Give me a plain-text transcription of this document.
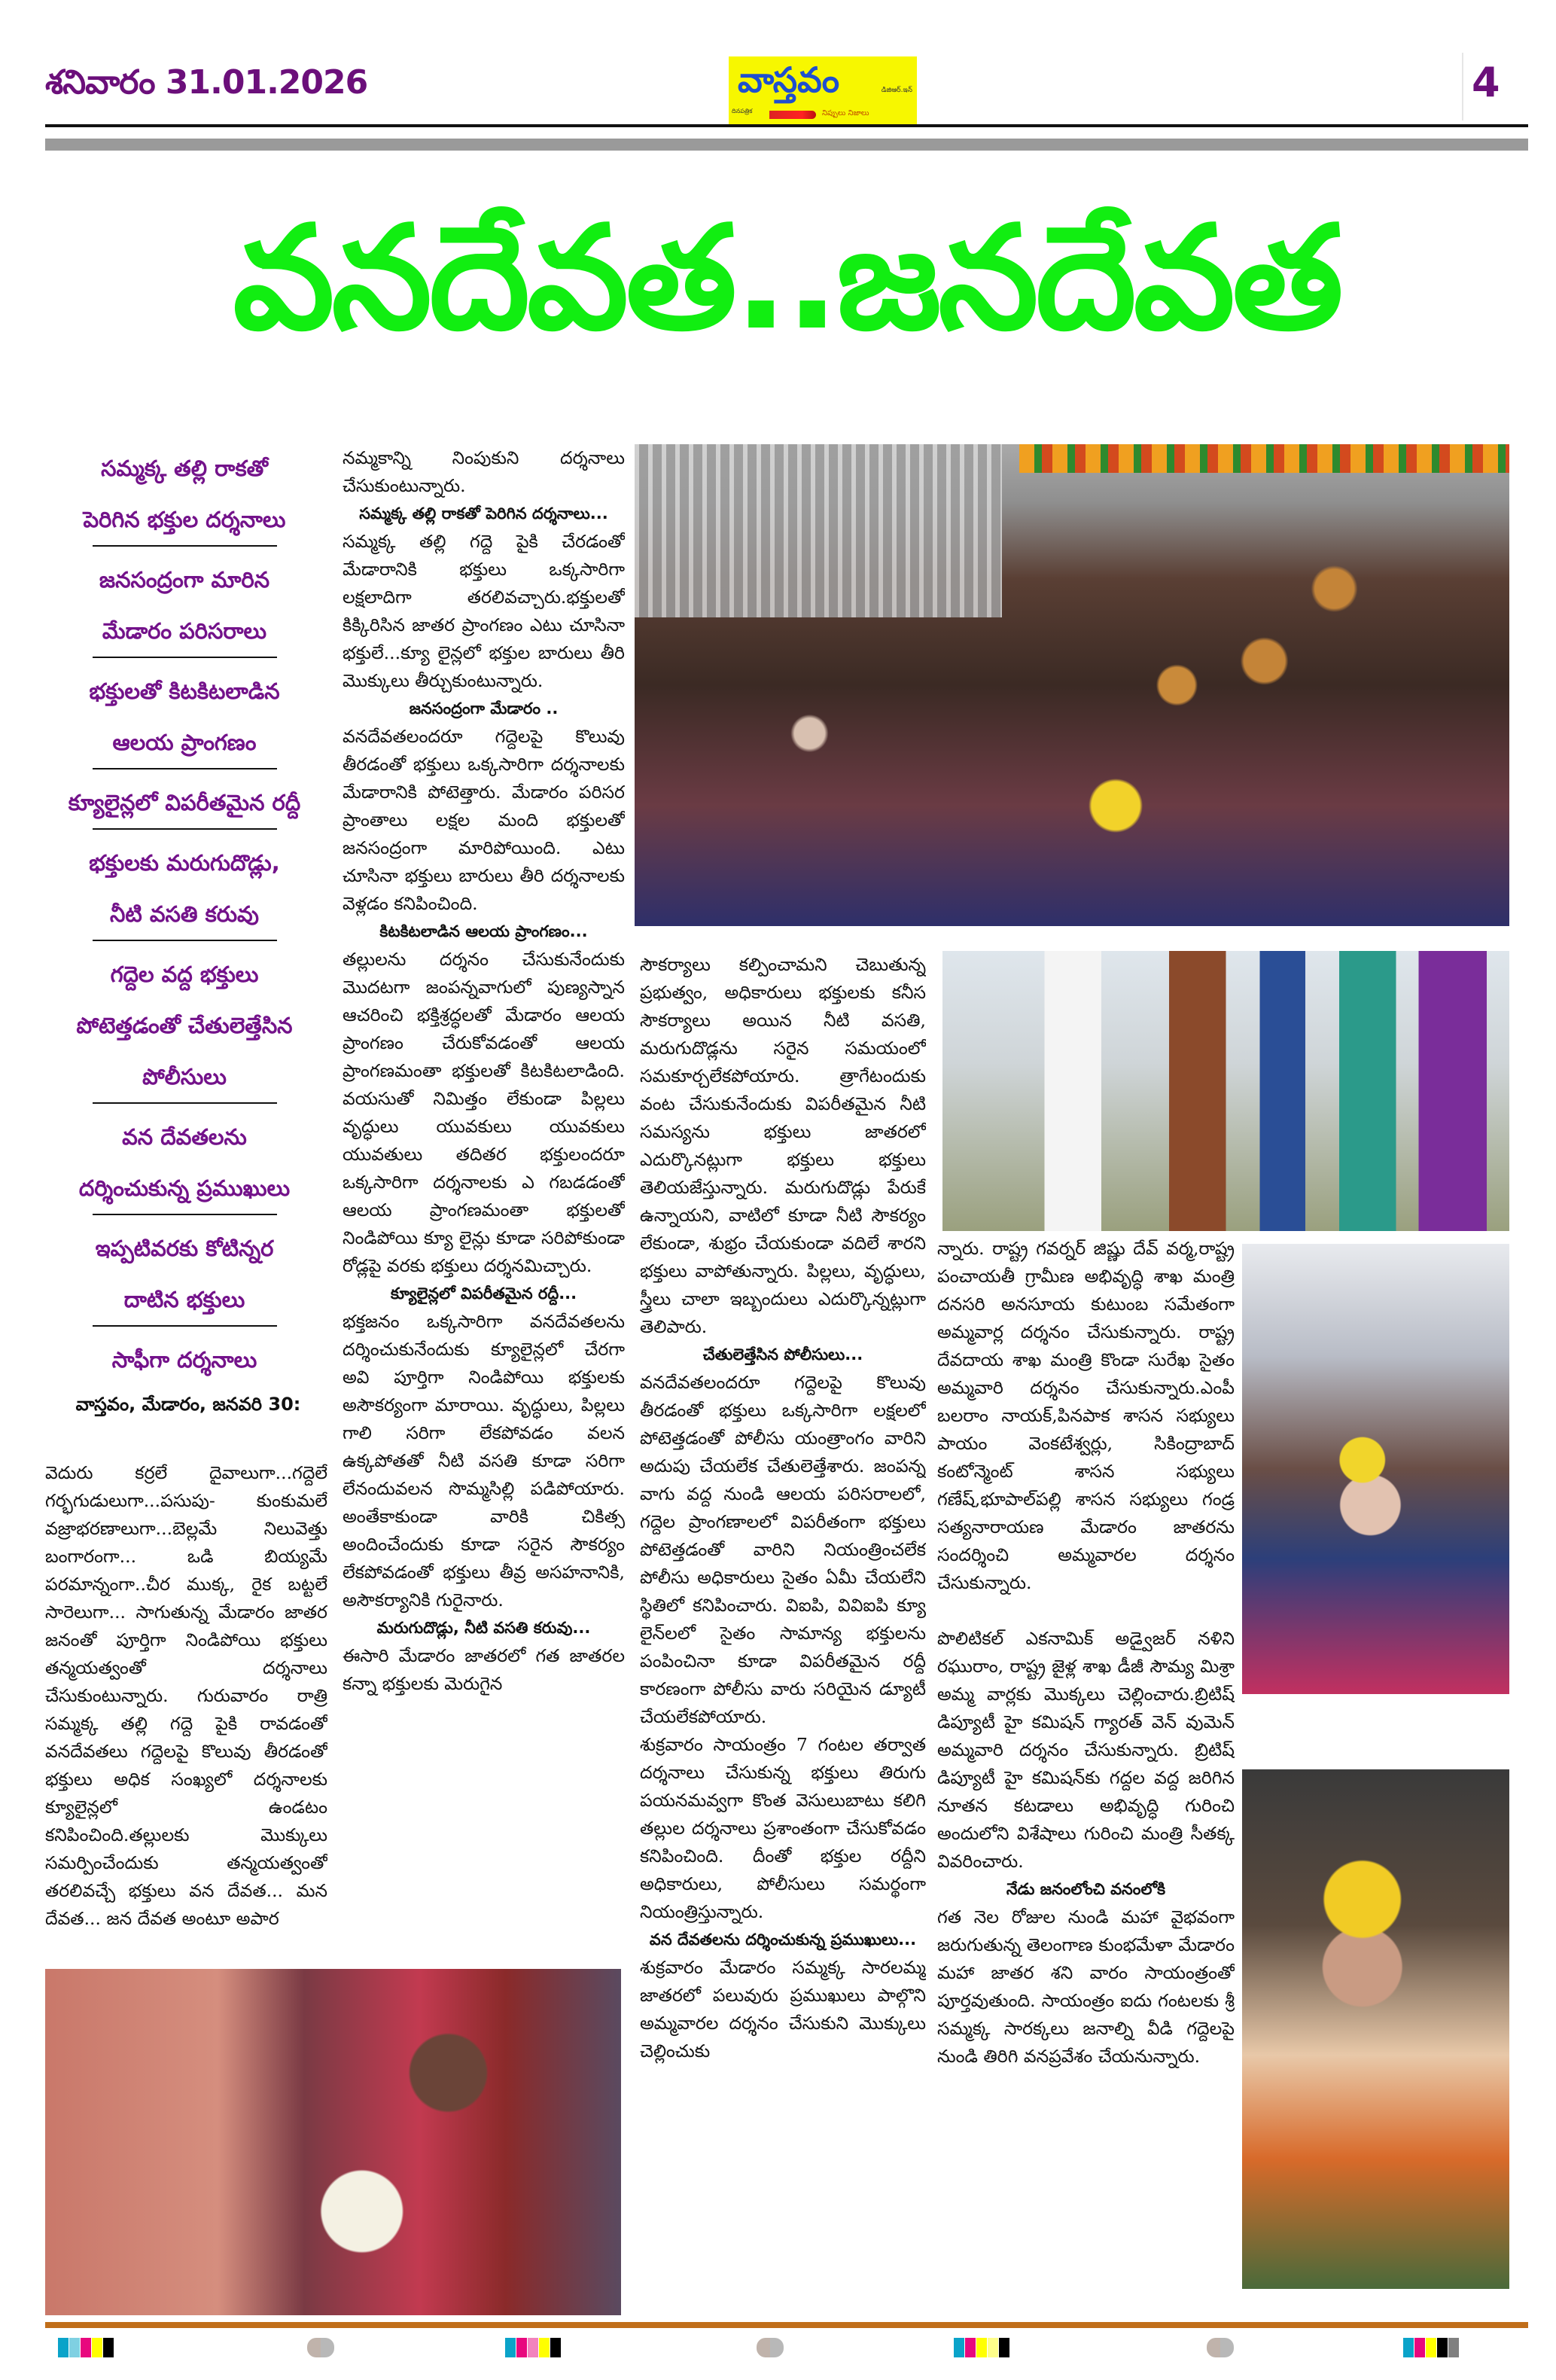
శనివారం 31.01.2026	వాస్తవం	డిజిఆర్.ఇన్
దినపత్రిక	నిప్పులు నిజాలు
4
వనదేవత..జనదేవత
సమ్మక్క తల్లి రాకతో
పెరిగిన భక్తుల దర్శనాలు
జనసంద్రంగా మారిన
మేడారం పరిసరాలు
భక్తులతో కిటకిటలాడిన
ఆలయ ప్రాంగణం
క్యూలైన్లలో విపరీతమైన రద్దీ
భక్తులకు మరుగుదొడ్లు,
నీటి వసతి కరువు
గద్దెల వద్ద భక్తులు
పోటెత్తడంతో చేతులెత్తేసిన
పోలీసులు
వన దేవతలను
దర్శించుకున్న ప్రముఖులు
ఇప్పటివరకు కోటిన్నర
దాటిన భక్తులు
సాఫీగా దర్శనాలు
వాస్తవం, మేడారం, జనవరి 30:

వెదురు కర్రలే దైవాలుగా...గద్దెలే గర్భగుడులుగా...పసుపు- కుంకుమలే వజ్రాభరణాలుగా...బెల్లమే నిలువెత్తు బంగారంగా... ఒడి బియ్యమే పరమాన్నంగా..చీర ముక్క, రైక బట్టలే సారెలుగా... సాగుతున్న మేడారం జాతర జనంతో పూర్తిగా నిండిపోయి భక్తులు తన్మయత్వంతో దర్శనాలు చేసుకుంటున్నారు. గురువారం రాత్రి సమ్మక్క తల్లి గద్దె పైకి రావడంతో వనదేవతలు గద్దెలపై కొలువు తీరడంతో భక్తులు అధిక సంఖ్యలో దర్శనాలకు క్యూలైన్లలో ఉండటం కనిపించింది.తల్లులకు మొక్కులు సమర్పించేందుకు తన్మయత్వంతో తరలివచ్చే భక్తులు వన దేవత... మన దేవత... జన దేవత అంటూ అపార

నమ్మకాన్ని నింపుకుని దర్శనాలు చేసుకుంటున్నారు.

సమ్మక్క తల్లి రాకతో పెరిగిన దర్శనాలు...

సమ్మక్క తల్లి గద్దె పైకి చేరడంతో మేడారానికి భక్తులు ఒక్కసారిగా లక్షలాదిగా తరలివచ్చారు.భక్తులతో కిక్కిరిసిన జాతర ప్రాంగణం ఎటు చూసినా భక్తులే...క్యూ లైన్లలో భక్తుల బారులు తీరి మొక్కులు తీర్చుకుంటున్నారు.

జనసంద్రంగా మేడారం ..

వనదేవతలందరూ గద్దెలపై కొలువు తీరడంతో భక్తులు ఒక్కసారిగా దర్శనాలకు మేడారానికి పోటెత్తారు. మేడారం పరిసర ప్రాంతాలు లక్షల మంది భక్తులతో జనసంద్రంగా మారిపోయింది. ఎటు చూసినా భక్తులు బారులు తీరి దర్శనాలకు వెళ్లడం కనిపించింది.

కిటకిటలాడిన ఆలయ ప్రాంగణం...

తల్లులను దర్శనం చేసుకునేందుకు మొదటగా జంపన్నవాగులో పుణ్యస్నాన ఆచరించి భక్తిశ్రద్ధలతో మేడారం ఆలయ ప్రాంగణం చేరుకోవడంతో ఆలయ ప్రాంగణమంతా భక్తులతో కిటకిటలాడింది. వయసుతో నిమిత్తం లేకుండా పిల్లలు వృద్ధులు యువకులు యువకులు యువతులు తదితర భక్తులందరూ ఒక్కసారిగా దర్శనాలకు ఎ గబడడంతో ఆలయ ప్రాంగణమంతా భక్తులతో నిండిపోయి క్యూ లైన్లు కూడా సరిపోకుండా రోడ్లపై వరకు భక్తులు దర్శనమిచ్చారు.

క్యూలైన్లలో విపరీతమైన రద్దీ...

భక్తజనం ఒక్కసారిగా వనదేవతలను దర్శించుకునేందుకు క్యూలైన్లలో చేరగా అవి పూర్తిగా నిండిపోయి భక్తులకు అసౌకర్యంగా మారాయి. వృద్ధులు, పిల్లలు గాలి సరిగా లేకపోవడం వలన ఉక్కపోతతో నీటి వసతి కూడా సరిగా లేనందువలన సొమ్మసిల్లి పడిపోయారు. అంతేకాకుండా వారికి చికిత్స అందించేందుకు కూడా సరైన సౌకర్యం లేకపోవడంతో భక్తులు తీవ్ర అసహనానికి, అసౌకర్యానికి గురైనారు.

మరుగుదొడ్లు, నీటి వసతి కరువు...

ఈసారి మేడారం జాతరలో గత జాతరల కన్నా భక్తులకు మెరుగైన

సౌకర్యాలు కల్పించామని చెబుతున్న ప్రభుత్వం, అధికారులు భక్తులకు కనీస సౌకర్యాలు అయిన నీటి వసతి, మరుగుదొడ్లను సరైన సమయంలో సమకూర్చలేకపోయారు. త్రాగేటందుకు వంట చేసుకునేందుకు విపరీతమైన నీటి సమస్యను భక్తులు జాతరలో ఎదుర్కొనట్లుగా భక్తులు భక్తులు తెలియజేస్తున్నారు. మరుగుదొడ్లు పేరుకే ఉన్నాయని, వాటిలో కూడా నీటి సౌకర్యం లేకుండా, శుభ్రం చేయకుండా వదిలే శారని భక్తులు వాపోతున్నారు. పిల్లలు, వృద్ధులు, స్త్రీలు చాలా ఇబ్బందులు ఎదుర్కొన్నట్లుగా తెలిపారు.

చేతులెత్తేసిన పోలీసులు...

వనదేవతలందరూ గద్దెలపై కొలువు తీరడంతో భక్తులు ఒక్కసారిగా లక్షలలో పోటెత్తడంతో పోలీసు యంత్రాంగం వారిని అదుపు చేయలేక చేతులెత్తేశారు. జంపన్న వాగు వద్ద నుండి ఆలయ పరిసరాలలో, గద్దెల ప్రాంగణాలలో విపరీతంగా భక్తులు పోటెత్తడంతో వారిని నియంత్రించలేక పోలీసు అధికారులు సైతం ఏమీ చేయలేని స్థితిలో కనిపించారు. విఐపి, వివిఐపి క్యూ లైన్‌లలో సైతం సామాన్య భక్తులను పంపించినా కూడా విపరీతమైన రద్దీ కారణంగా పోలీసు వారు సరియైన డ్యూటీ చేయలేకపోయారు.

శుక్రవారం సాయంత్రం 7 గంటల తర్వాత దర్శనాలు చేసుకున్న భక్తులు తిరుగు పయనమవ్వగా కొంత వెసులుబాటు కలిగి తల్లుల దర్శనాలు ప్రశాంతంగా చేసుకోవడం కనిపించింది. దీంతో భక్తుల రద్దీని అధికారులు, పోలీసులు సమర్థంగా నియంత్రిస్తున్నారు.

వన దేవతలను దర్శించుకున్న ప్రముఖులు...

శుక్రవారం మేడారం సమ్మక్క సారలమ్మ జాతరలో పలువురు ప్రముఖులు పాల్గొని అమ్మవారల దర్శనం చేసుకుని మొక్కులు చెల్లించుకు

న్నారు. రాష్ట్ర గవర్నర్ జిష్ణు దేవ్ వర్మ,రాష్ట్ర పంచాయతీ గ్రామీణ అభివృద్ధి శాఖ మంత్రి దనసరి అనసూయ కుటుంబ సమేతంగా అమ్మవార్ల దర్శనం చేసుకున్నారు. రాష్ట్ర దేవదాయ శాఖ మంత్రి కొండా సురేఖ సైతం అమ్మవారి దర్శనం చేసుకున్నారు.ఎంపీ బలరాం నాయక్,పినపాక శాసన సభ్యులు పాయం వెంకటేశ్వర్లు, సికింద్రాబాద్ కంటోన్మెంట్ శాసన సభ్యులు గణేష్,భూపాల్‌పల్లి శాసన సభ్యులు గండ్ర సత్యనారాయణ మేడారం జాతరను సందర్శించి అమ్మవారల దర్శనం చేసుకున్నారు.

పొలిటికల్ ఎకనామిక్ అడ్వైజర్ నళిని రఘురాం, రాష్ట్ర జైళ్ల శాఖ డీజీ సౌమ్య మిశ్రా అమ్మ వార్లకు మొక్కలు చెల్లించారు.బ్రిటిష్ డిప్యూటీ హై కమిషన్ గ్యారత్ వెన్ వుమెన్ అమ్మవారి దర్శనం చేసుకున్నారు. బ్రిటిష్ డిప్యూటీ హై కమిషన్‌కు గద్దల వద్ద జరిగిన నూతన కటడాలు అభివృద్ధి గురించి అందులోని విశేషాలు గురించి మంత్రి సీతక్క వివరించారు.

నేడు జనంలోంచి వనంలోకి

గత నెల రోజుల నుండి మహా వైభవంగా జరుగుతున్న తెలంగాణ కుంభమేళా మేడారం మహా జాతర శని వారం సాయంత్రంతో పూర్తవుతుంది. సాయంత్రం ఐదు గంటలకు శ్రీ సమ్మక్క సారక్కలు జనాల్ని వీడి గద్దెలపై నుండి తిరిగి వనప్రవేశం చేయనున్నారు.
